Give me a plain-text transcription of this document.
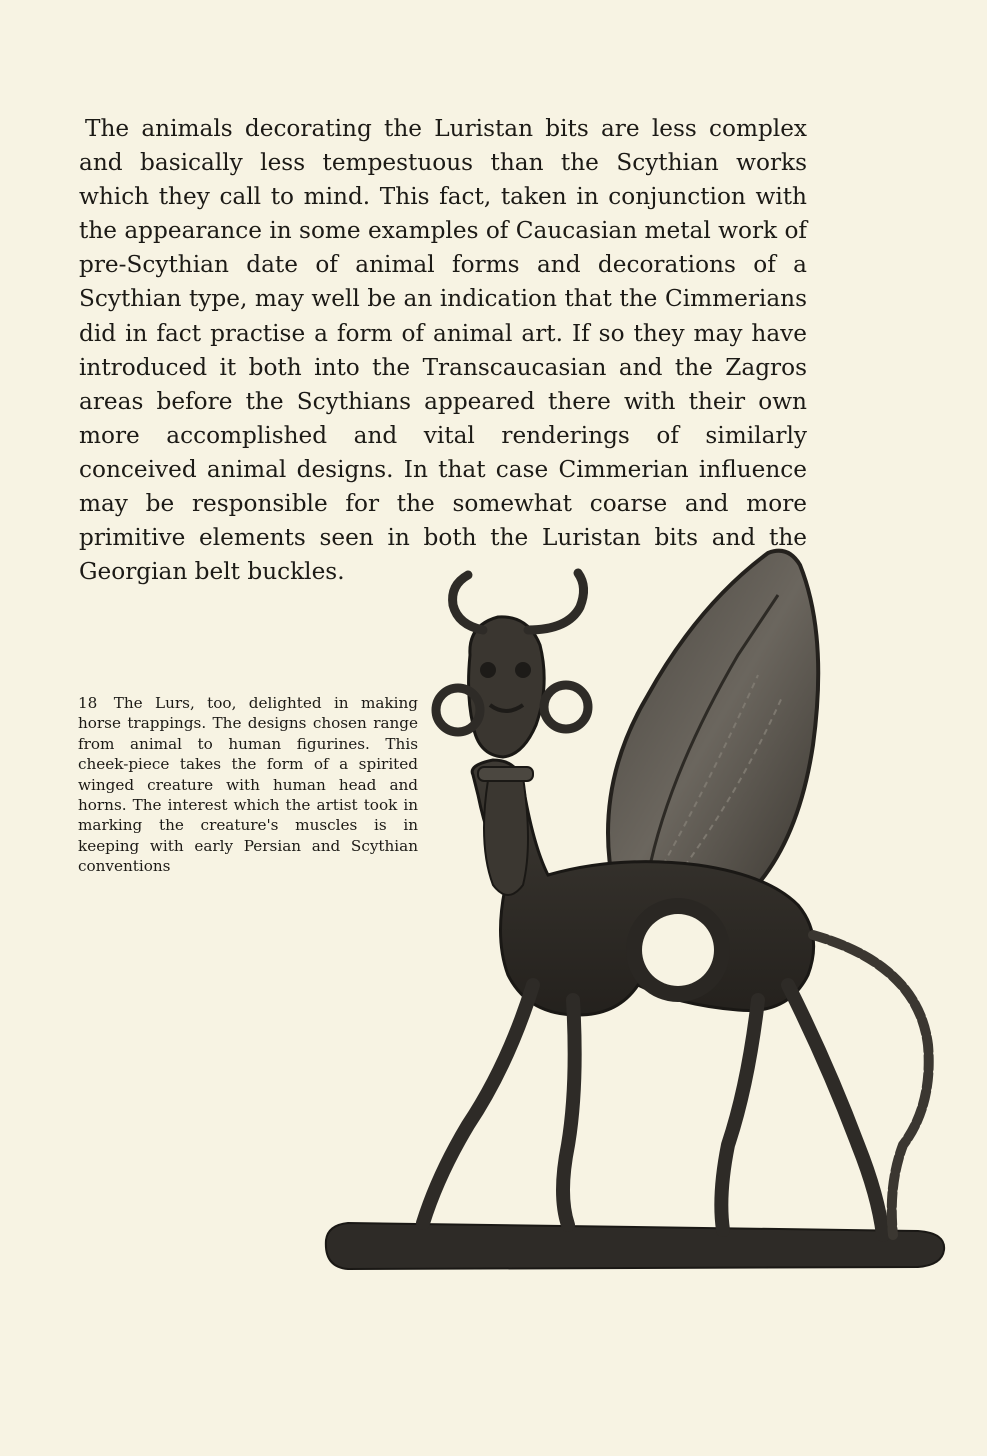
The animals decorating the Luristan bits are less complex and basically less tempestuous than the Scythian works which they call to mind. This fact, taken in conjunction with the appearance in some examples of Caucasian metal work of pre-Scythian date of animal forms and decorations of a Scythian type, may well be an indication that the Cimmerians did in fact practise a form of animal art. If so they may have introduced it both into the Transcaucasian and the Zagros areas before the Scythians appeared there with their own more accomplished and vital renderings of similarly conceived animal designs. In that case Cimmerian influence may be responsible for the somewhat coarse and more primitive elements seen in both the Luristan bits and the Georgian belt buckles.

18 The Lurs, too, delighted in making horse trappings. The designs chosen range from animal to human figurines. This cheek-piece takes the form of a spirited winged creature with human head and horns. The interest which the artist took in marking the creature's muscles is in keeping with early Persian and Scythian conventions
